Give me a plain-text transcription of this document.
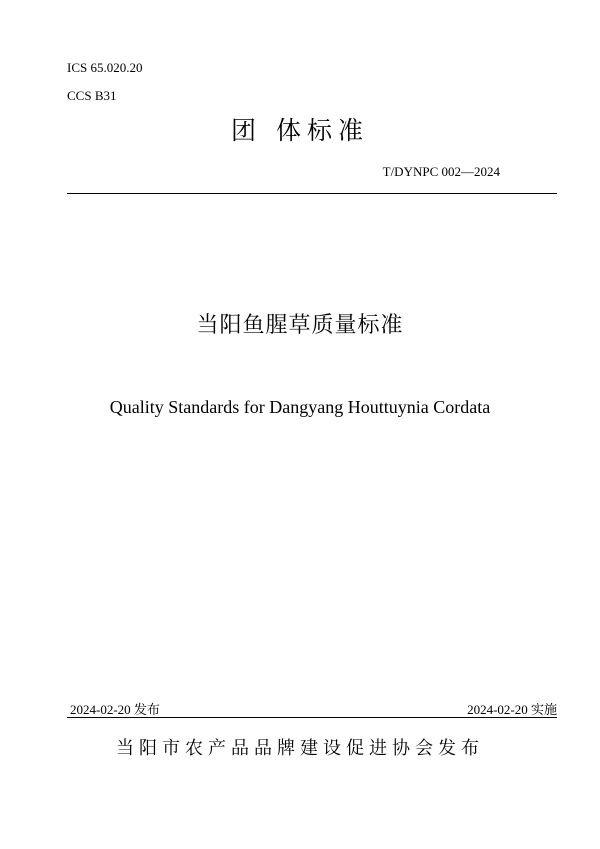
ICS 65.020.20
CCS B31
团 体标准
T/DYNPC 002—2024
当阳鱼腥草质量标准
Quality Standards for Dangyang Houttuynia Cordata
2024-02-20 发布	2024-02-20 实施
当阳市农产品品牌建设促进协会发布
